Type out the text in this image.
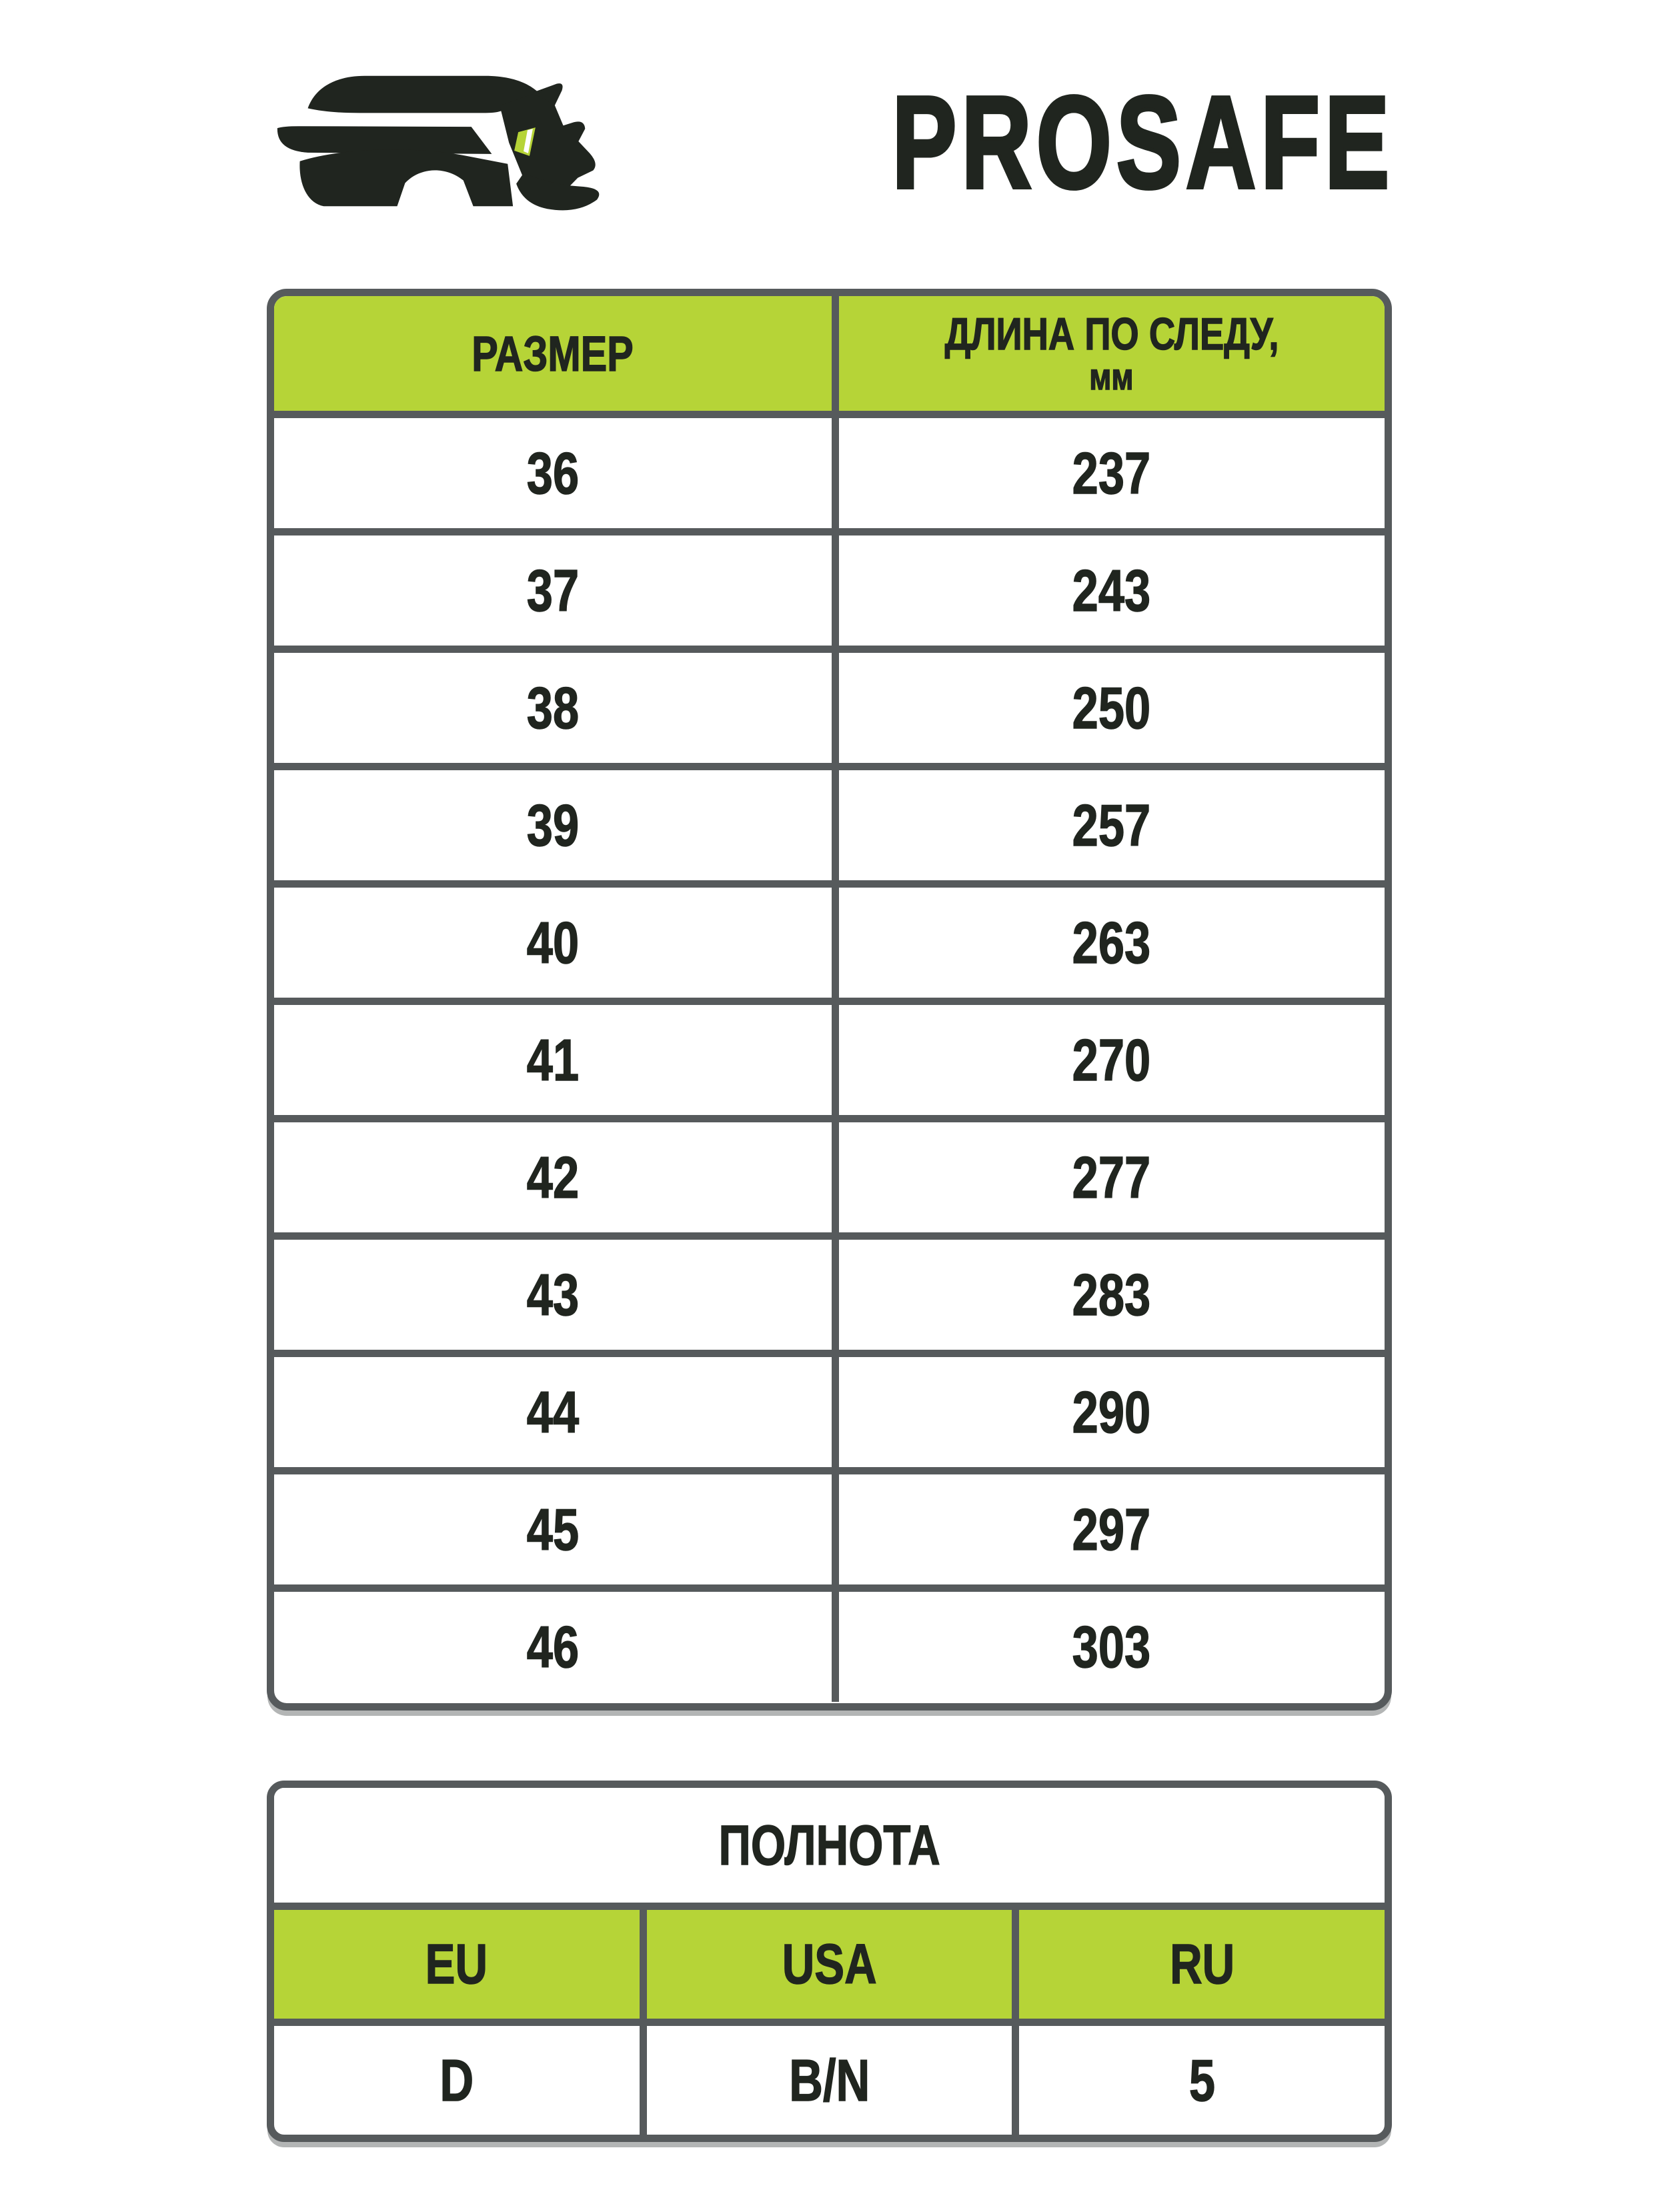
PROSAFE
РАЗМЕР	ДЛИНА ПО СЛЕДУ,
мм
36	237
37	243
38	250
39	257
40	263
41	270
42	277
43	283
44	290
45	297
46	303
ПОЛНОТА
EU	USA	RU
D	B/N	5
